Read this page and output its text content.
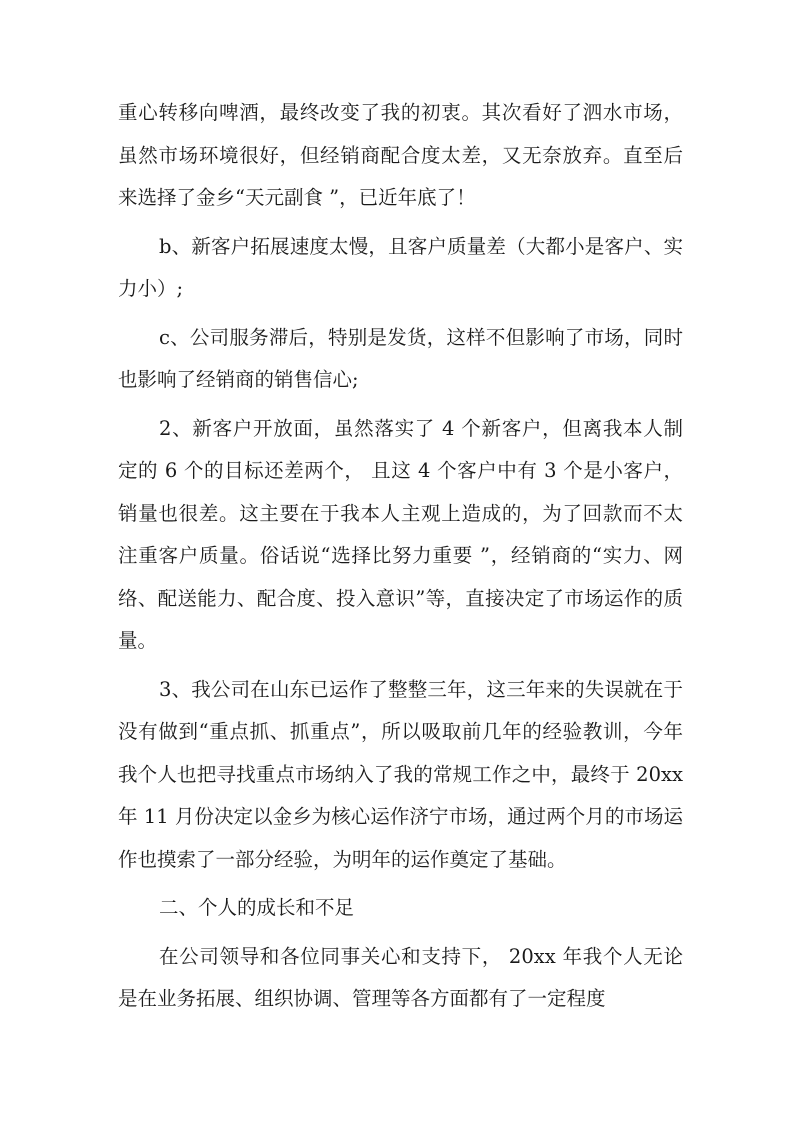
重心转移向啤酒，最终改变了我的初衷。其次看好了泗水市场，虽然市场环境很好，但经销商配合度太差，又无奈放弃。直至后来选择了金乡“天元副食 ”，已近年底了！

b、新客户拓展速度太慢，且客户质量差（大都小是客户、实力小）;

c、公司服务滞后，特别是发货，这样不但影响了市场，同时也影响了经销商的销售信心;

2、新客户开放面，虽然落实了 4 个新客户，但离我本人制定的 6 个的目标还差两个， 且这 4 个客户中有 3 个是小客户，销量也很差。这主要在于我本人主观上造成的，为了回款而不太注重客户质量。俗话说“选择比努力重要 ”，经销商的“实力、网络、配送能力、配合度、投入意识”等，直接决定了市场运作的质量。

3、我公司在山东已运作了整整三年，这三年来的失误就在于没有做到“重点抓、抓重点”，所以吸取前几年的经验教训，今年我个人也把寻找重点市场纳入了我的常规工作之中，最终于 20xx 年 11 月份决定以金乡为核心运作济宁市场，通过两个月的市场运作也摸索了一部分经验，为明年的运作奠定了基础。

二、个人的成长和不足

在公司领导和各位同事关心和支持下， 20xx 年我个人无论是在业务拓展、组织协调、管理等各方面都有了一定程度
